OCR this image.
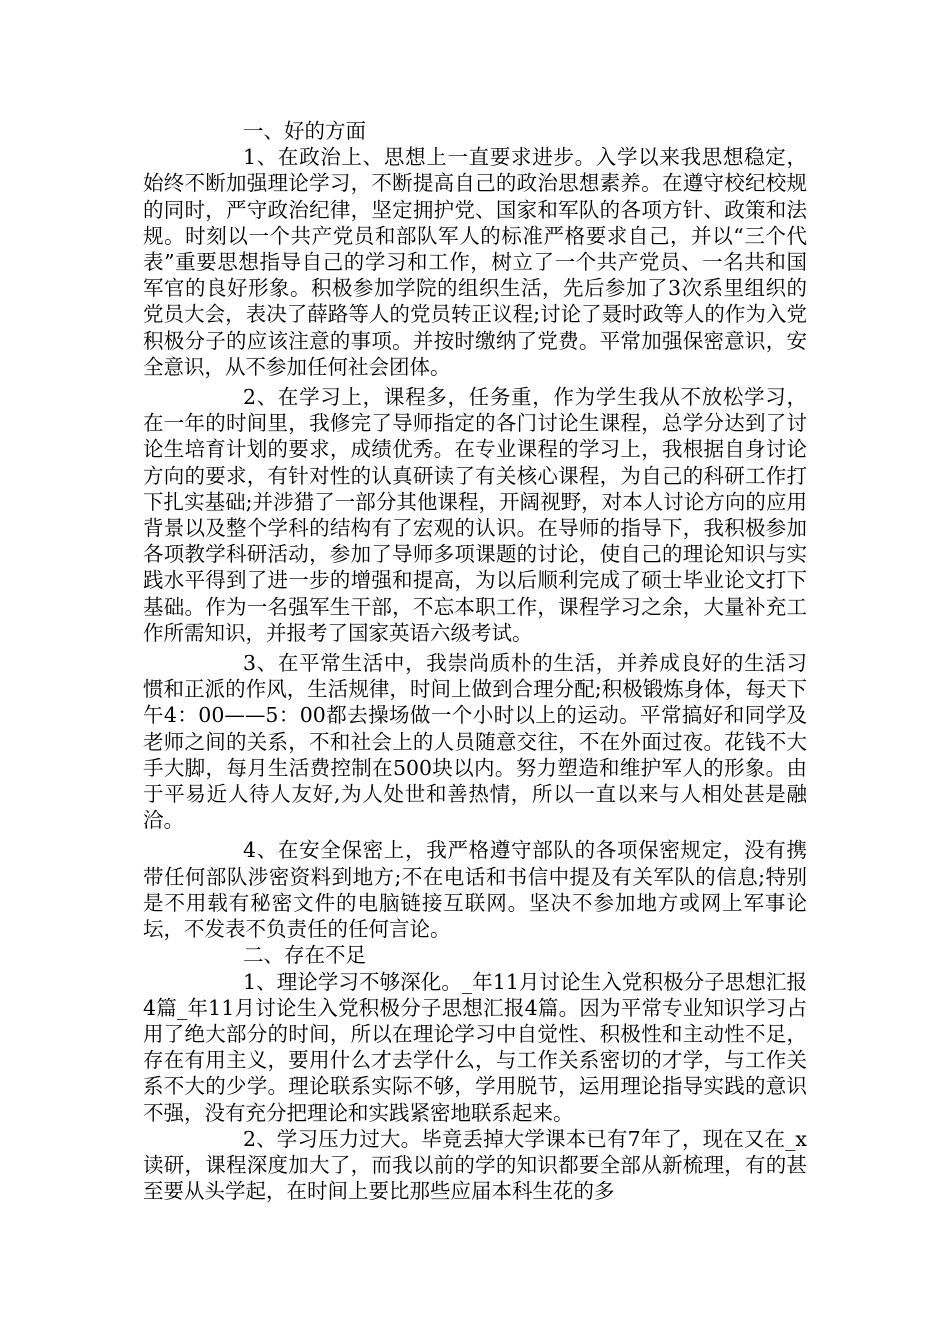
一、好的方面

1、在政治上、思想上一直要求进步。入学以来我思想稳定，始终不断加强理论学习，不断提高自己的政治思想素养。在遵守校纪校规的同时，严守政治纪律，坚定拥护党、国家和军队的各项方针、政策和法规。时刻以一个共产党员和部队军人的标准严格要求自己，并以“三个代表”重要思想指导自己的学习和工作，树立了一个共产党员、一名共和国军官的良好形象。积极参加学院的组织生活，先后参加了3次系里组织的党员大会，表决了薛路等人的党员转正议程;讨论了聂时政等人的作为入党积极分子的应该注意的事项。并按时缴纳了党费。平常加强保密意识，安全意识，从不参加任何社会团体。

2、在学习上，课程多，任务重，作为学生我从不放松学习，在一年的时间里，我修完了导师指定的各门讨论生课程，总学分达到了讨论生培育计划的要求，成绩优秀。在专业课程的学习上，我根据自身讨论方向的要求，有针对性的认真研读了有关核心课程，为自己的科研工作打下扎实基础;并涉猎了一部分其他课程，开阔视野，对本人讨论方向的应用背景以及整个学科的结构有了宏观的认识。在导师的指导下，我积极参加各项教学科研活动，参加了导师多项课题的讨论，使自己的理论知识与实践水平得到了进一步的增强和提高，为以后顺利完成了硕士毕业论文打下基础。作为一名强军生干部，不忘本职工作，课程学习之余，大量补充工作所需知识，并报考了国家英语六级考试。

3、在平常生活中，我崇尚质朴的生活，并养成良好的生活习惯和正派的作风，生活规律，时间上做到合理分配;积极锻炼身体，每天下午4：00——5：00都去操场做一个小时以上的运动。平常搞好和同学及老师之间的关系，不和社会上的人员随意交往，不在外面过夜。花钱不大手大脚，每月生活费控制在500块以内。努力塑造和维护军人的形象。由于平易近人待人友好,为人处世和善热情，所以一直以来与人相处甚是融洽。

4、在安全保密上，我严格遵守部队的各项保密规定，没有携带任何部队涉密资料到地方;不在电话和书信中提及有关军队的信息;特别是不用载有秘密文件的电脑链接互联网。坚决不参加地方或网上军事论坛，不发表不负责任的任何言论。

二、存在不足

1、理论学习不够深化。_年11月讨论生入党积极分子思想汇报4篇_年11月讨论生入党积极分子思想汇报4篇。因为平常专业知识学习占用了绝大部分的时间，所以在理论学习中自觉性、积极性和主动性不足，存在有用主义，要用什么才去学什么，与工作关系密切的才学，与工作关系不大的少学。理论联系实际不够，学用脱节，运用理论指导实践的意识不强，没有充分把理论和实践紧密地联系起来。

2、学习压力过大。毕竟丢掉大学课本已有7年了，现在又在_x读研，课程深度加大了，而我以前的学的知识都要全部从新梳理，有的甚至要从头学起，在时间上要比那些应届本科生花的多
